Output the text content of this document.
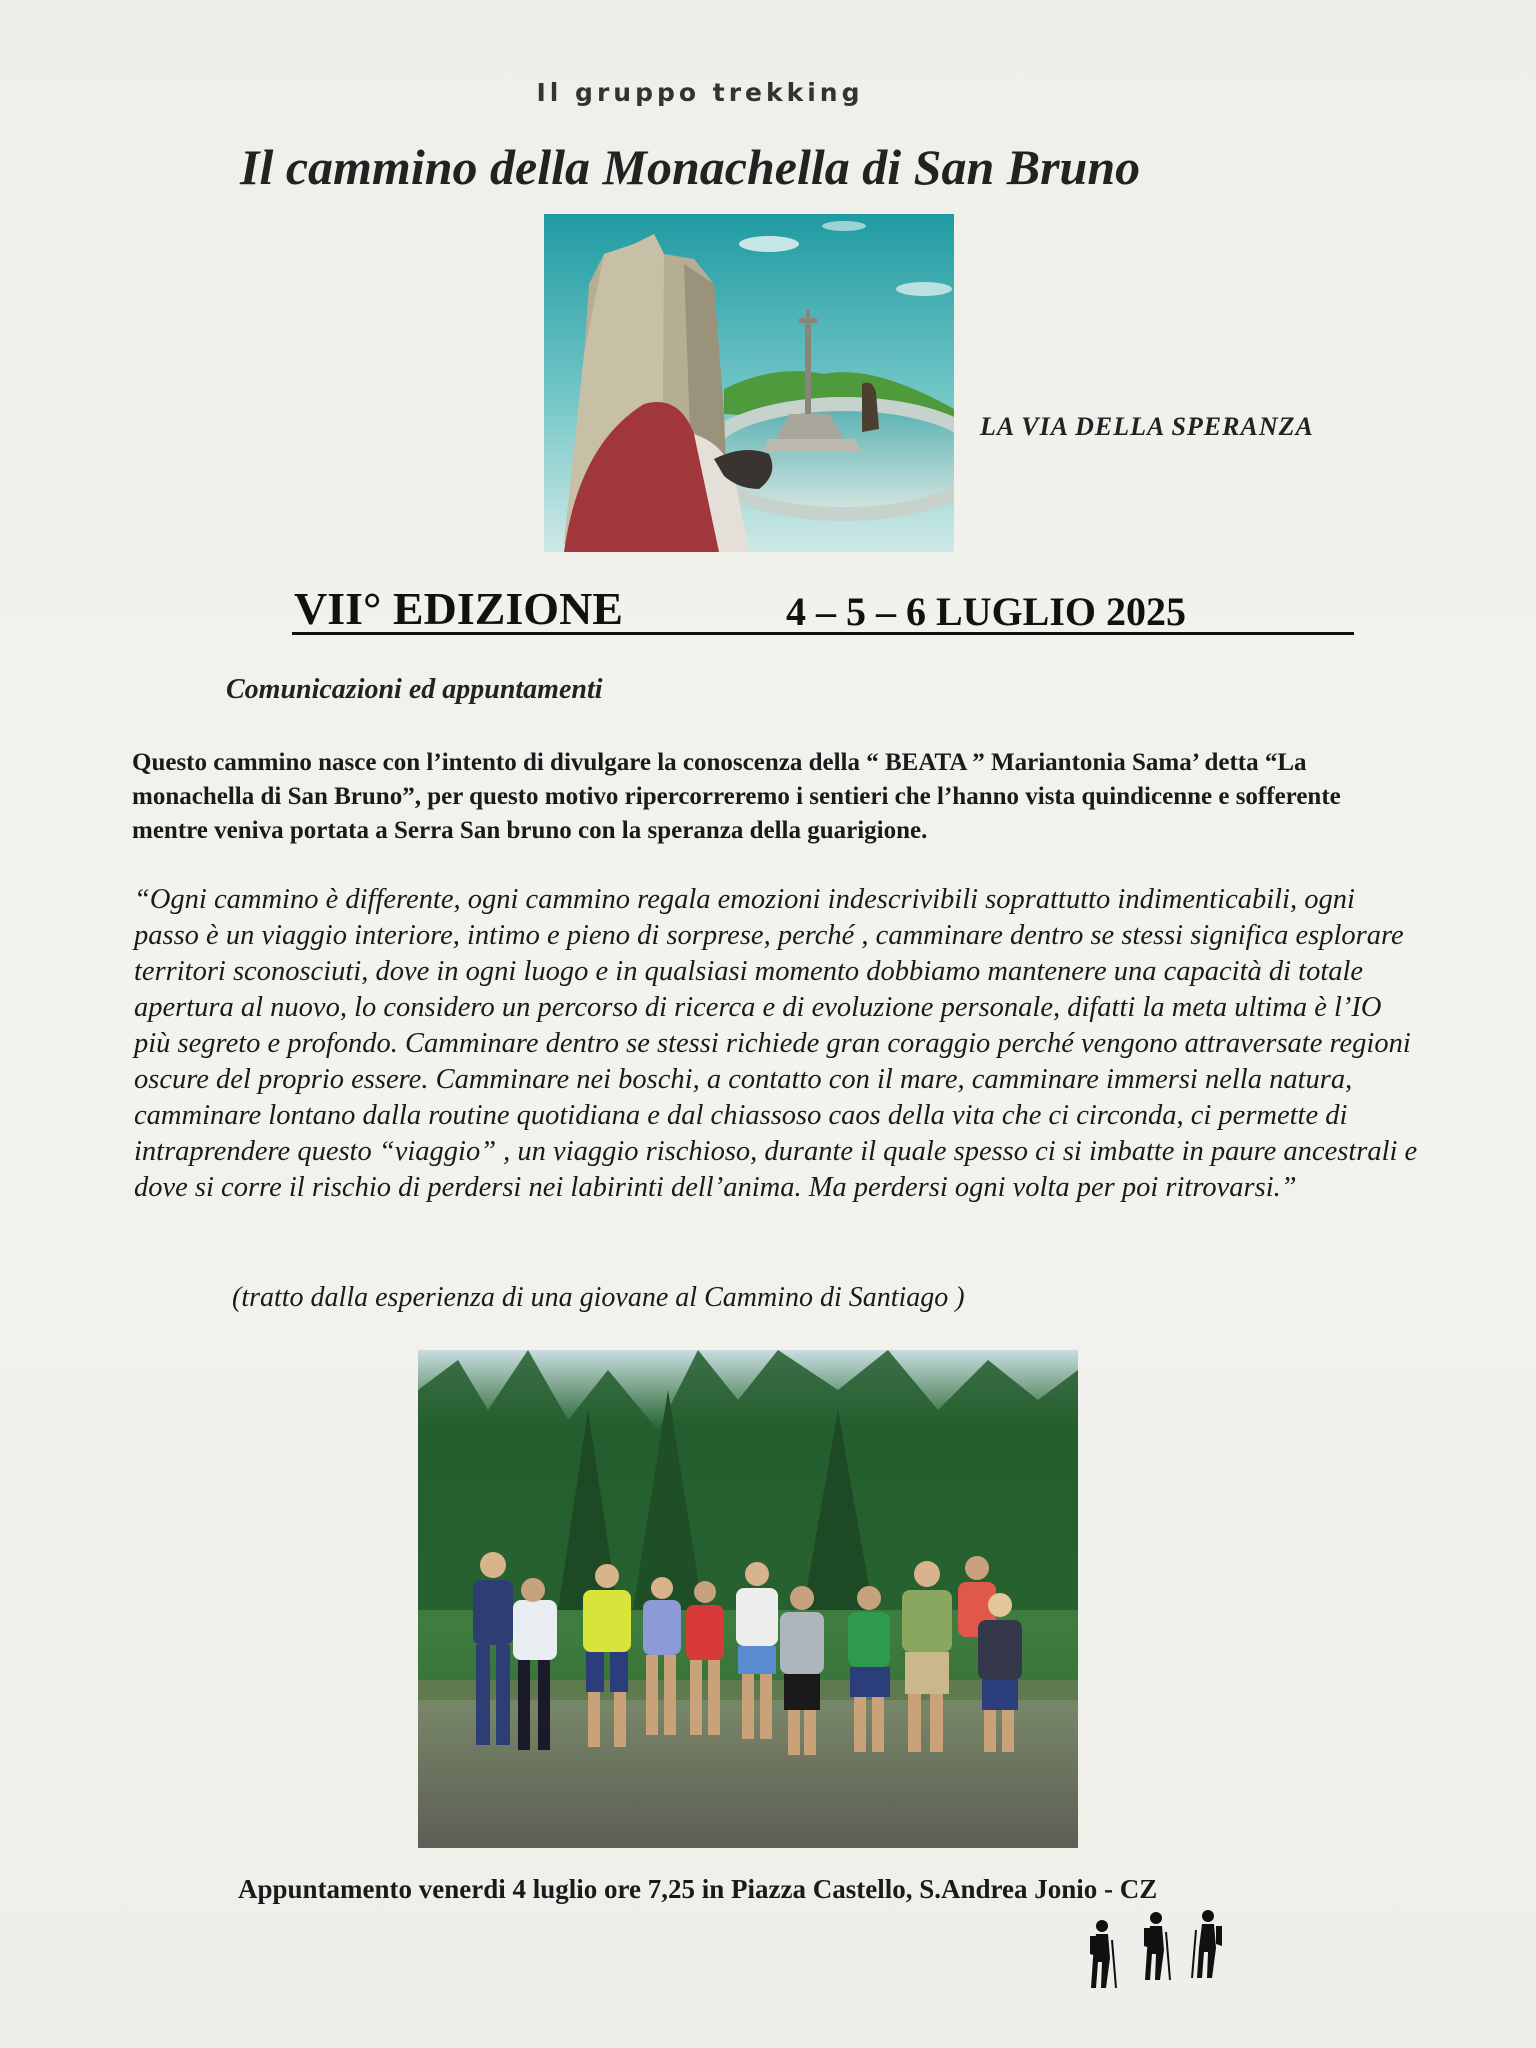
Il gruppo trekking
Il cammino della Monachella di San Bruno
LA VIA DELLA SPERANZA
VII° EDIZIONE	4 – 5 – 6 LUGLIO 2025
Comunicazioni ed appuntamenti
Questo cammino nasce con l’intento di divulgare la conoscenza della “ BEATA ” Mariantonia Sama’ detta “La monachella di San Bruno”, per questo motivo ripercorreremo i sentieri che l’hanno vista quindicenne e sofferente mentre veniva portata a Serra San bruno con la speranza della guarigione.
“Ogni cammino è differente, ogni cammino regala emozioni indescrivibili soprattutto indimenticabili, ogni passo è un viaggio interiore, intimo e pieno di sorprese, perché , camminare dentro se stessi significa esplorare territori sconosciuti, dove in ogni luogo e in qualsiasi momento dobbiamo mantenere una capacità di totale apertura al nuovo, lo considero un percorso di ricerca e di evoluzione personale, difatti la meta ultima è l’IO più segreto e profondo. Camminare dentro se stessi richiede gran coraggio perché vengono attraversate regioni oscure del proprio essere. Camminare nei boschi, a contatto con il mare, camminare immersi nella natura, camminare lontano dalla routine quotidiana e dal chiassoso caos della vita che ci circonda, ci permette di intraprendere questo “viaggio” , un viaggio rischioso, durante il quale spesso ci si imbatte in paure ancestrali e dove si corre il rischio di perdersi nei labirinti dell’anima. Ma perdersi ogni volta per poi ritrovarsi.”
(tratto dalla esperienza di una giovane al Cammino di Santiago )
Appuntamento venerdi 4 luglio ore 7,25 in Piazza Castello, S.Andrea Jonio - CZ
